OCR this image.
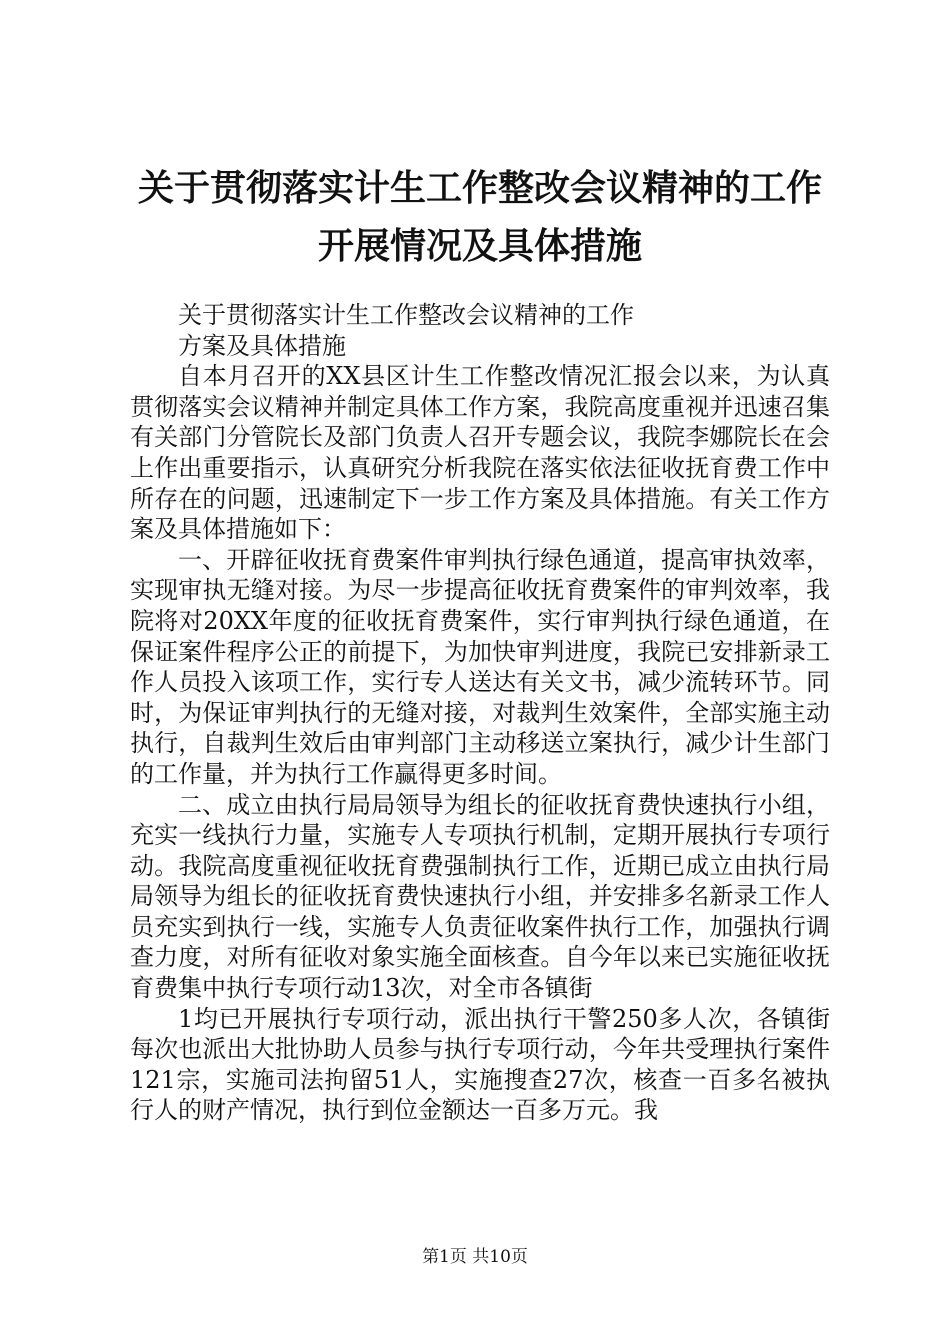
关于贯彻落实计生工作整改会议精神的工作开展情况及具体措施

关于贯彻落实计生工作整改会议精神的工作

方案及具体措施

自本月召开的XX县区计生工作整改情况汇报会以来，为认真贯彻落实会议精神并制定具体工作方案，我院高度重视并迅速召集有关部门分管院长及部门负责人召开专题会议，我院李娜院长在会上作出重要指示，认真研究分析我院在落实依法征收抚育费工作中所存在的问题，迅速制定下一步工作方案及具体措施。有关工作方案及具体措施如下：

一、开辟征收抚育费案件审判执行绿色通道，提高审执效率，实现审执无缝对接。为尽一步提高征收抚育费案件的审判效率，我院将对20XX年度的征收抚育费案件，实行审判执行绿色通道，在保证案件程序公正的前提下，为加快审判进度，我院已安排新录工作人员投入该项工作，实行专人送达有关文书，减少流转环节。同时，为保证审判执行的无缝对接，对裁判生效案件，全部实施主动执行，自裁判生效后由审判部门主动移送立案执行，减少计生部门的工作量，并为执行工作赢得更多时间。

二、成立由执行局局领导为组长的征收抚育费快速执行小组，充实一线执行力量，实施专人专项执行机制，定期开展执行专项行动。我院高度重视征收抚育费强制执行工作，近期已成立由执行局局领导为组长的征收抚育费快速执行小组，并安排多名新录工作人员充实到执行一线，实施专人负责征收案件执行工作，加强执行调查力度，对所有征收对象实施全面核查。自今年以来已实施征收抚育费集中执行专项行动13次，对全市各镇街

1均已开展执行专项行动，派出执行干警250多人次，各镇街每次也派出大批协助人员参与执行专项行动，今年共受理执行案件121宗，实施司法拘留51人，实施搜查27次，核查一百多名被执行人的财产情况，执行到位金额达一百多万元。我

第1页 共10页
